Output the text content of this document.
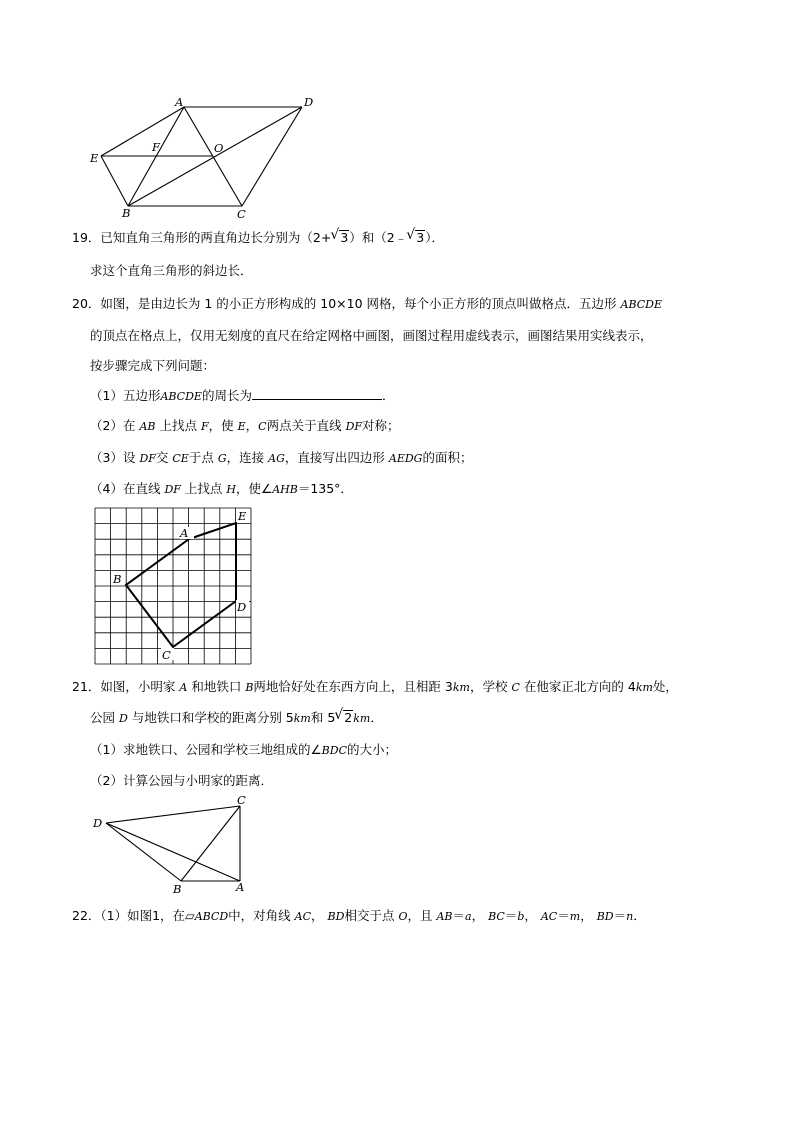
A	D
E
F	O
B	C
19．已知直角三角形的两直角边长分别为（2+ √ 3）和（2﹣ √ 3）．
求这个直角三角形的斜边长．
20．如图，是由边长为 1 的小正方形构成的 10×10 网格，每个小正方形的顶点叫做格点．五边形 ABCDE
的顶点在格点上，仅用无刻度的直尺在给定网格中画图，画图过程用虚线表示，画图结果用实线表示，
按步骤完成下列问题：
（1）五边形ABCDE的周长为	．
（2）在 AB 上找点 F，使 E，C两点关于直线 DF对称；
（3）设 DF交 CE于点 G，连接 AG，直接写出四边形 AEDG的面积；
（4）在直线 DF 上找点 H，使∠AHB＝135°．
A
E
B
D
C
21．如图，小明家 A 和地铁口 B两地恰好处在东西方向上，且相距 3km，学校 C 在他家正北方向的 4km处，
公园 D 与地铁口和学校的距离分别 5km和 5 √ 2km．
（1）求地铁口、公园和学校三地组成的∠BDC的大小；
（2）计算公园与小明家的距离．
D
C
B	A
22．（1）如图1，在▱ABCD中，对角线 AC， BD相交于点 O，且 AB＝a， BC＝b， AC＝m， BD＝n．
